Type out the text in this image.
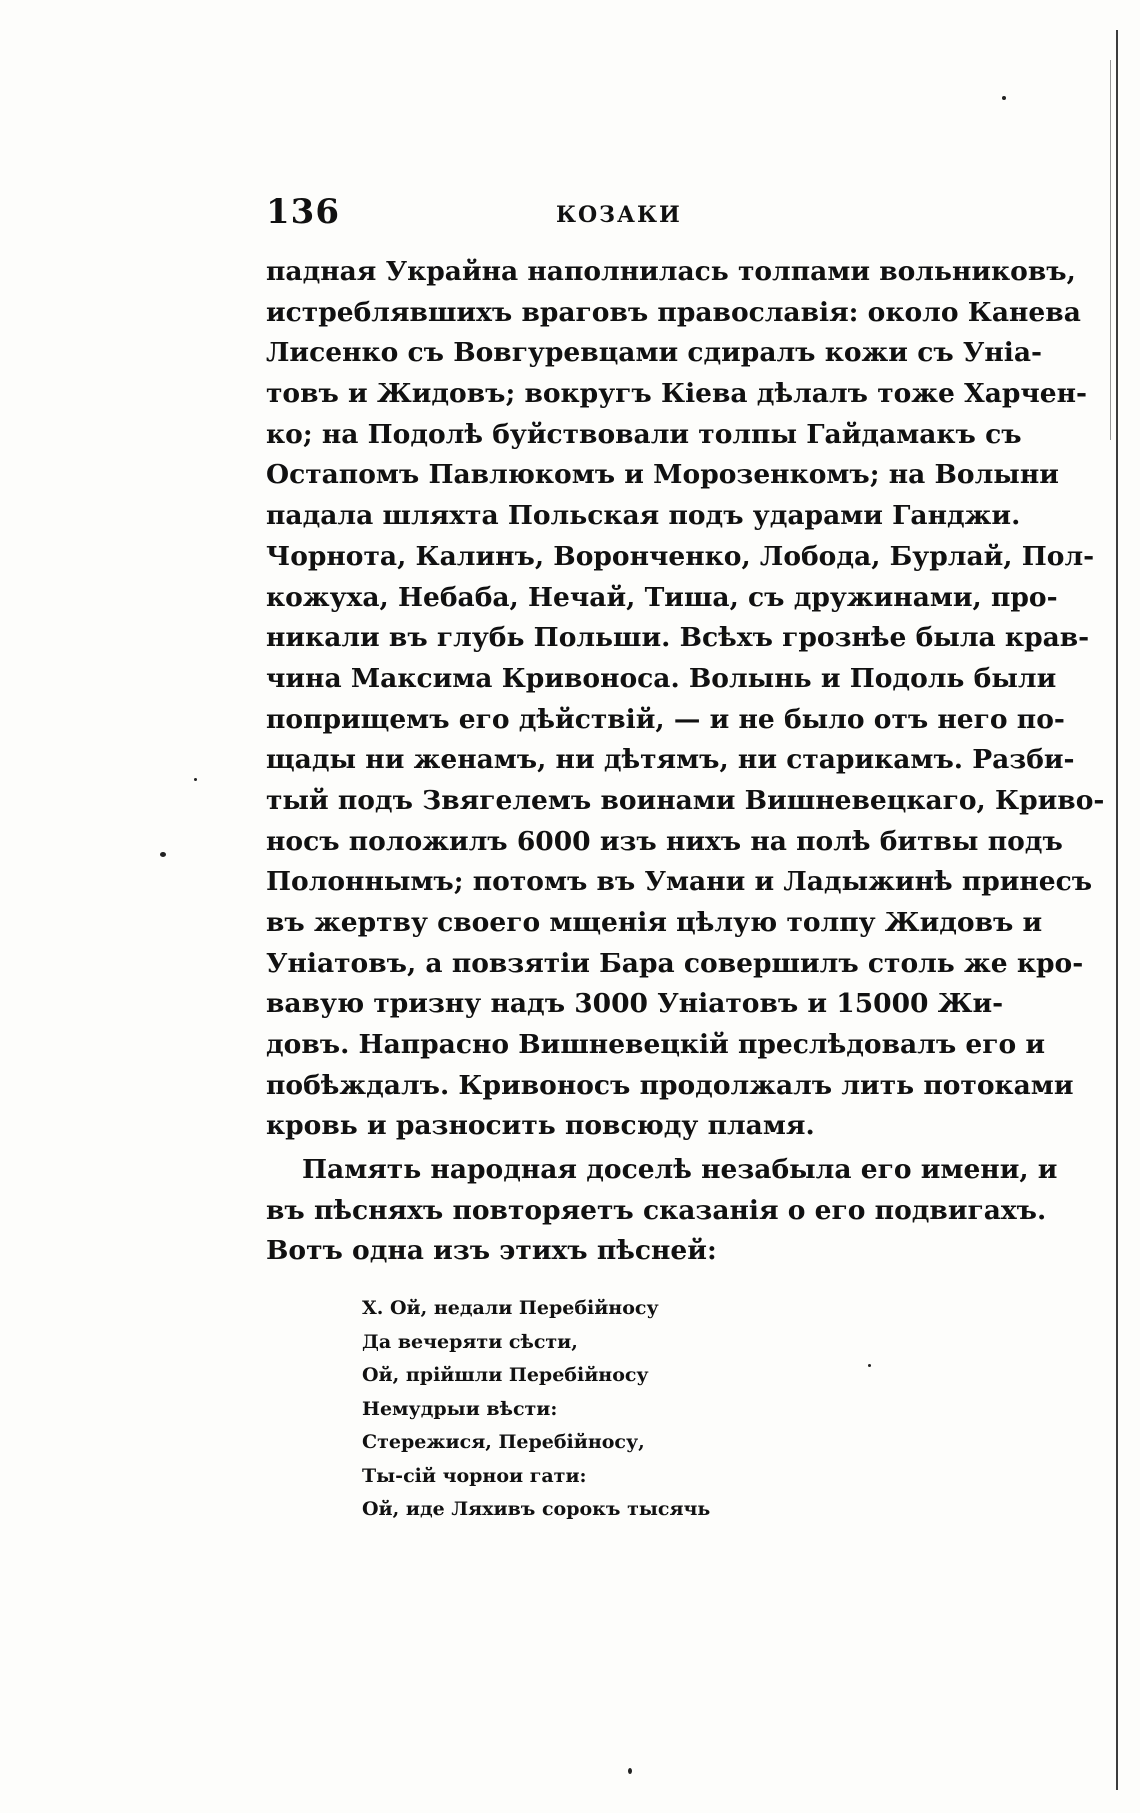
136	КОЗАКИ
падная Украйна наполнилась толпами вольниковъ,
истреблявшихъ враговъ православія: около Канева
Лисенко съ Вовгуревцами сдиралъ кожи съ Уніа-
товъ и Жидовъ; вокругъ Кіева дѣлалъ тоже Харчен-
ко; на Подолѣ буйствовали толпы Гайдамакъ съ
Остапомъ Павлюкомъ и Морозенкомъ; на Волыни
падала шляхта Польская подъ ударами Ганджи.
Чорнота, Калинъ, Ворончeнко, Лобода, Бурлай, Пол-
кожуха, Небаба, Нечай, Тиша, съ дружинами, про-
никали въ глубь Польши. Всѣхъ грознѣе была крав-
чина Максима Кривоноса. Волынь и Подоль были
поприщемъ его дѣйствій, — и не было отъ него по-
щады ни женамъ, ни дѣтямъ, ни старикамъ. Разби-
тый подъ Звягелемъ воинами Вишневецкаго, Криво-
носъ положилъ 6000 изъ нихъ на полѣ битвы подъ
Полоннымъ; потомъ въ Умани и Ладыжинѣ принесъ
въ жертву своего мщенія цѣлую толпу Жидовъ и
Уніатовъ, а повзятіи Бара совершилъ столь же кро-
вавую тризну надъ 3000 Уніатовъ и 15000 Жи-
довъ. Напрасно Вишневецкій преслѣдовалъ его и
побѣждалъ. Кривоносъ продолжалъ лить потоками
кровь и разносить повсюду пламя.
Память народная доселѣ незабыла его имени, и
въ пѣсняхъ повторяетъ сказанія о его подвигахъ.
Вотъ одна изъ этихъ пѣсней:
X. Ой, недали Перебійносу
Да вечеряти сѣсти,
Ой, прійшли Перебійносу
Немудрыи вѣсти:
Стережися, Перебійносу,
Ты-сій чорнои гати:
Ой, иде Ляхивъ сорокъ тысячь
